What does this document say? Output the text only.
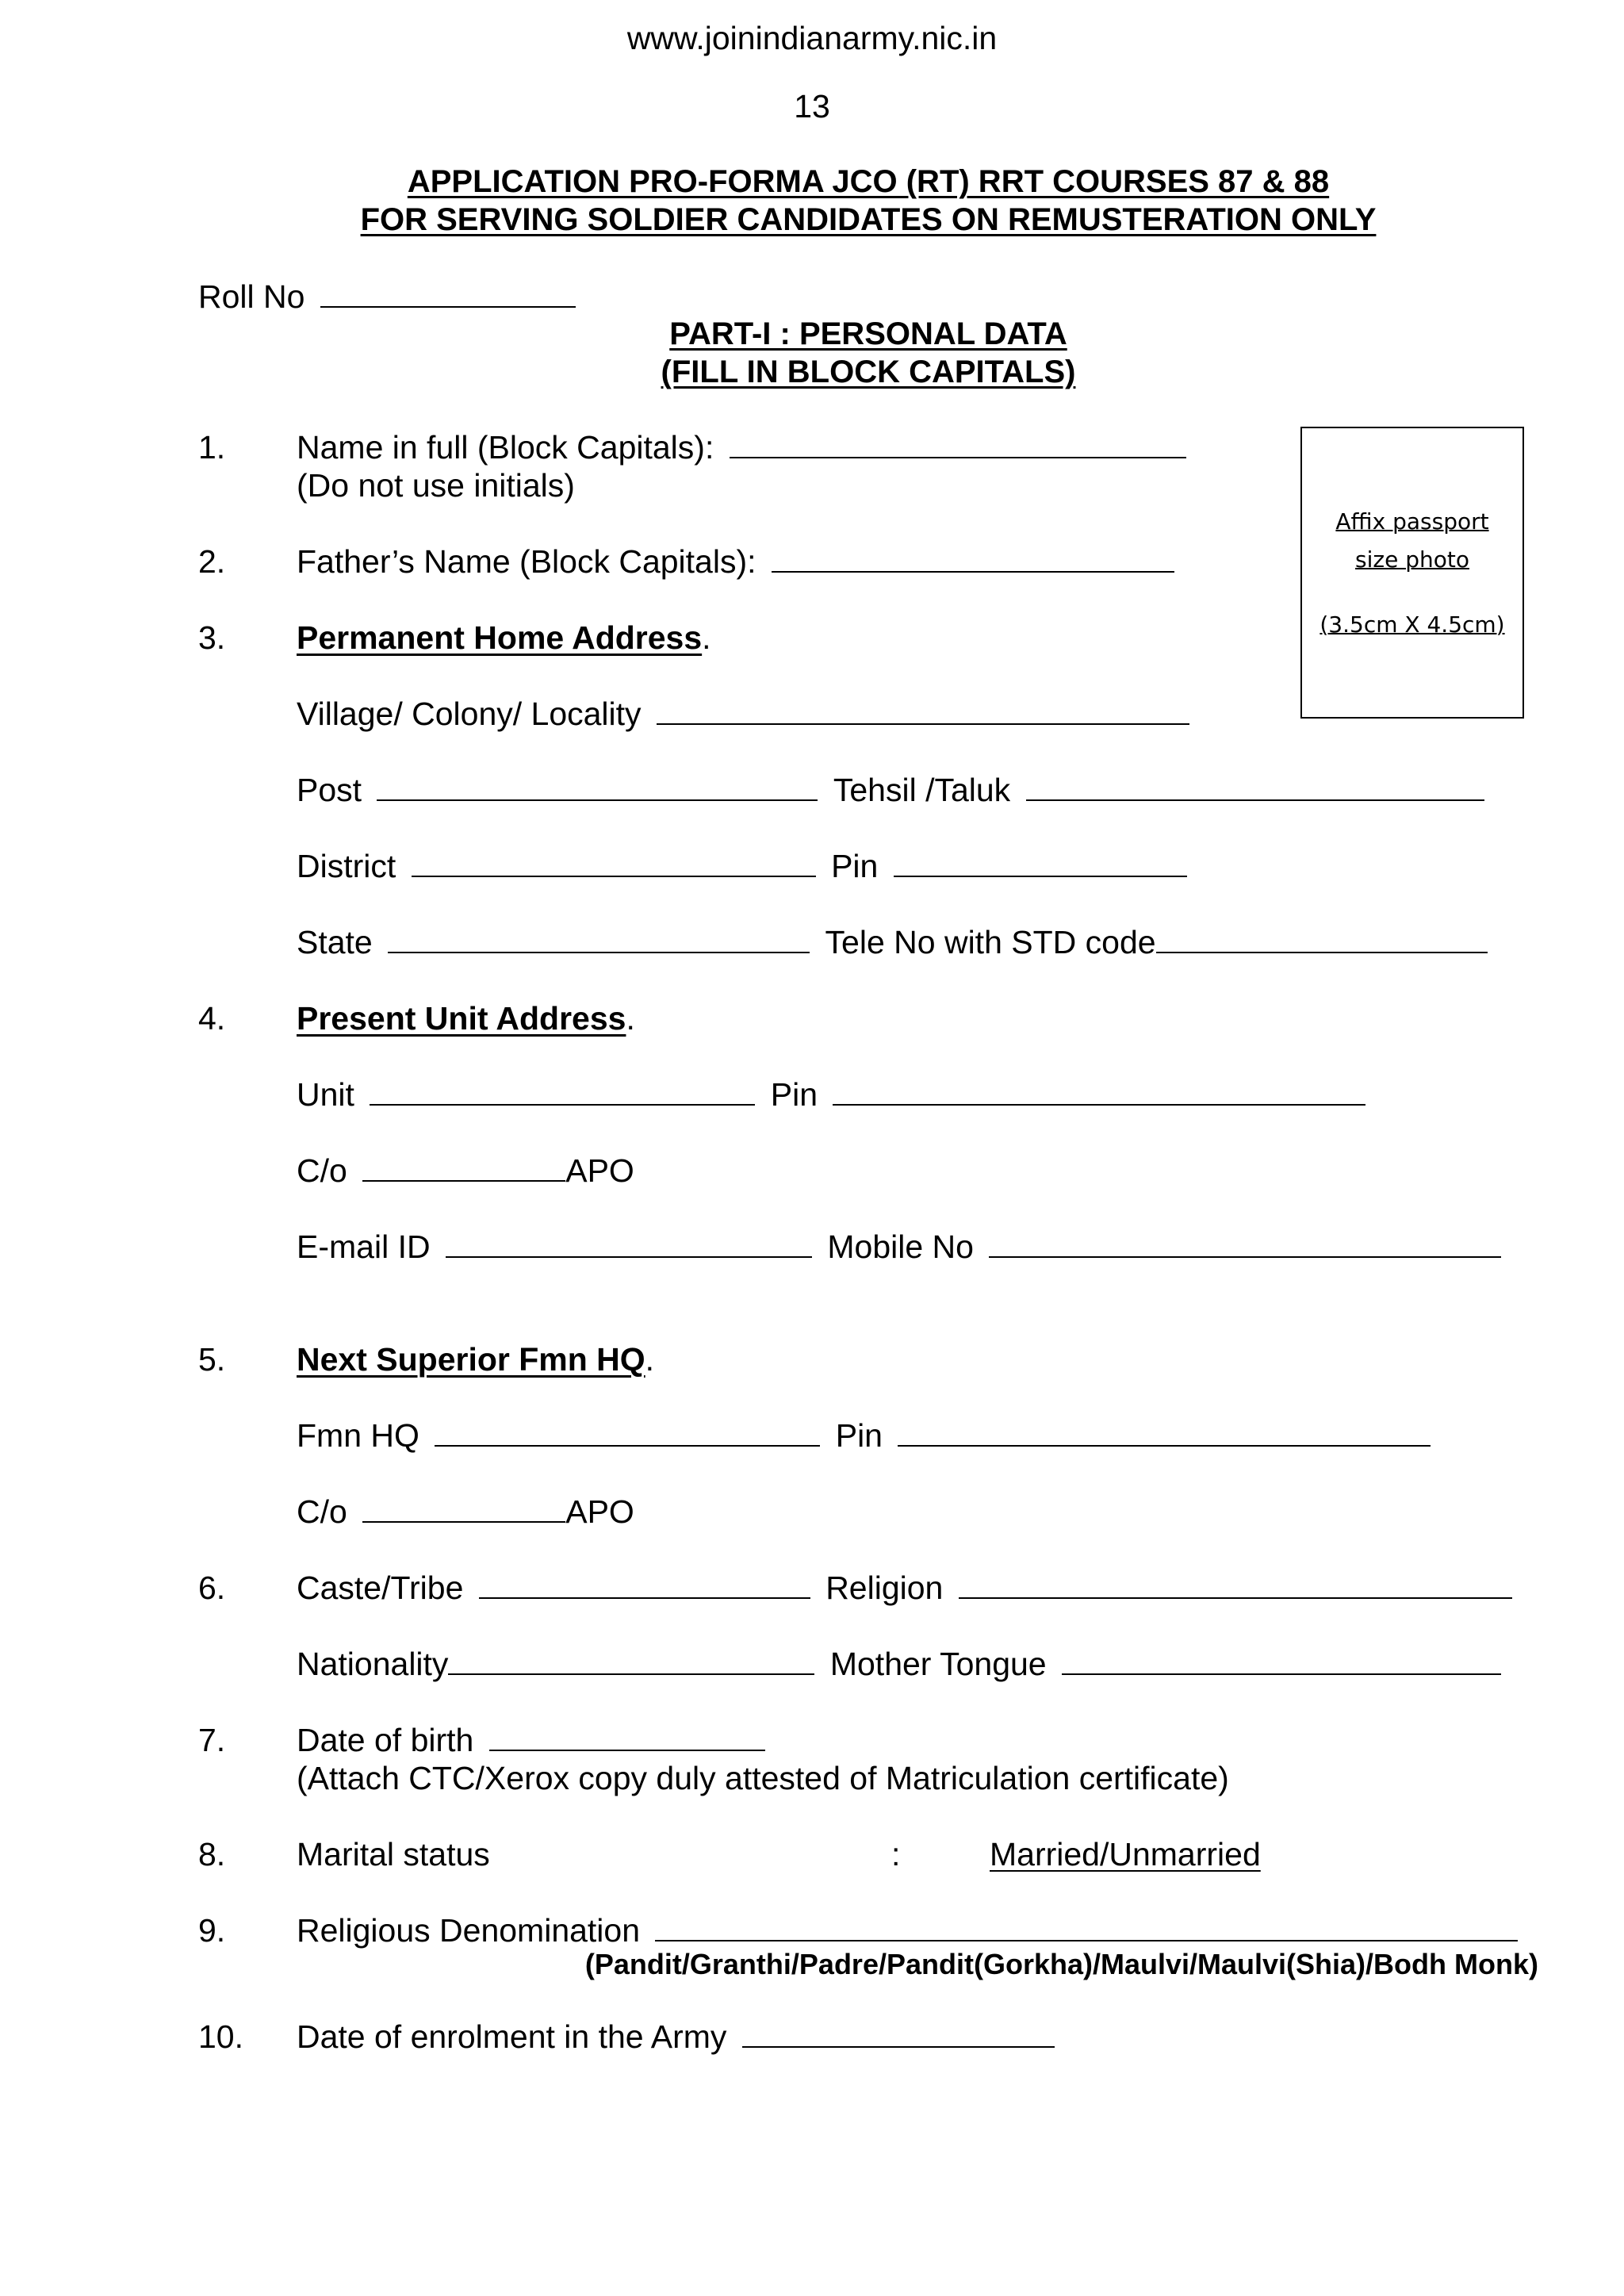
www.joinindianarmy.nic.in
13
APPLICATION PRO-FORMA JCO (RT) RRT COURSES 87 & 88
FOR SERVING SOLDIER CANDIDATES ON REMUSTERATION ONLY
Roll No
PART-I : PERSONAL DATA
(FILL IN BLOCK CAPITALS)
Affix passport
size photo
(3.5cm X 4.5cm)
1. Name in full (Block Capitals):
(Do not use initials)
2. Father’s Name (Block Capitals):
3. Permanent Home Address.
Village/ Colony/ Locality
Post	Tehsil /Taluk
District	Pin
State	Tele No with STD code
4. Present Unit Address.
Unit	Pin
C/o	APO
E-mail ID	Mobile No
5. Next Superior Fmn HQ.
Fmn HQ	Pin
C/o	APO
6. Caste/Tribe	Religion
Nationality	Mother Tongue
7. Date of birth
(Attach CTC/Xerox copy duly attested of Matriculation certificate)
8. Marital status	:	Married/Unmarried
9. Religious Denomination
(Pandit/Granthi/Padre/Pandit(Gorkha)/Maulvi/Maulvi(Shia)/Bodh Monk)
10. Date of enrolment in the Army
